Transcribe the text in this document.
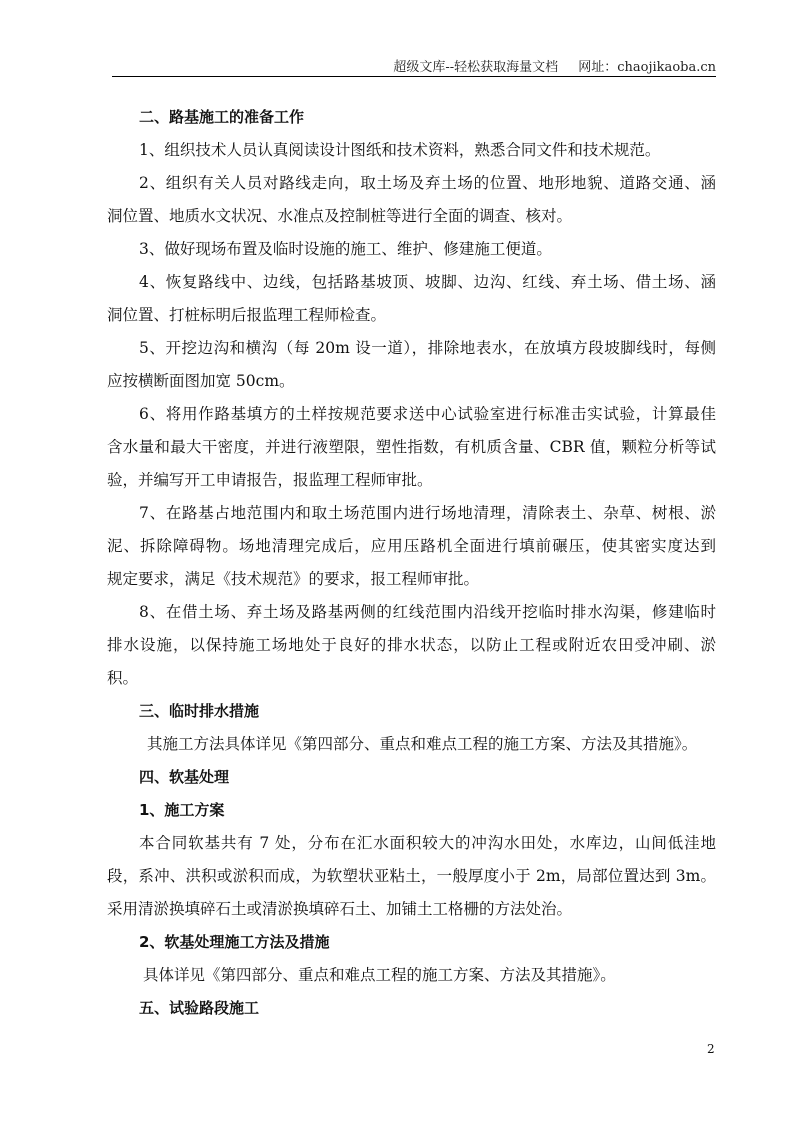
超级文库--轻松获取海量文档 网址：chaojikaoba.cn
二、路基施工的准备工作
1、组织技术人员认真阅读设计图纸和技术资料，熟悉合同文件和技术规范。
2、组织有关人员对路线走向，取土场及弃土场的位置、地形地貌、道路交通、涵
洞位置、地质水文状况、水准点及控制桩等进行全面的调查、核对。
3、做好现场布置及临时设施的施工、维护、修建施工便道。
4、恢复路线中、边线，包括路基坡顶、坡脚、边沟、红线、弃土场、借土场、涵
洞位置、打桩标明后报监理工程师检查。
5、开挖边沟和横沟（每 20m 设一道），排除地表水，在放填方段坡脚线时，每侧
应按横断面图加宽 50cm。
6、将用作路基填方的土样按规范要求送中心试验室进行标准击实试验，计算最佳
含水量和最大干密度，并进行液塑限，塑性指数，有机质含量、CBR 值，颗粒分析等试
验，并编写开工申请报告，报监理工程师审批。
7、在路基占地范围内和取土场范围内进行场地清理，清除表土、杂草、树根、淤
泥、拆除障碍物。场地清理完成后，应用压路机全面进行填前碾压，使其密实度达到
规定要求，满足《技术规范》的要求，报工程师审批。
8、在借土场、弃土场及路基两侧的红线范围内沿线开挖临时排水沟渠，修建临时
排水设施，以保持施工场地处于良好的排水状态，以防止工程或附近农田受冲刷、淤
积。
三、临时排水措施
其施工方法具体详见《第四部分、重点和难点工程的施工方案、方法及其措施》。
四、软基处理
1、施工方案
本合同软基共有 7 处，分布在汇水面积较大的冲沟水田处，水库边，山间低洼地
段，系冲、洪积或淤积而成，为软塑状亚粘土，一般厚度小于 2m，局部位置达到 3m。
采用清淤换填碎石土或清淤换填碎石土、加铺土工格栅的方法处治。
2、软基处理施工方法及措施
具体详见《第四部分、重点和难点工程的施工方案、方法及其措施》。
五、试验路段施工
2
